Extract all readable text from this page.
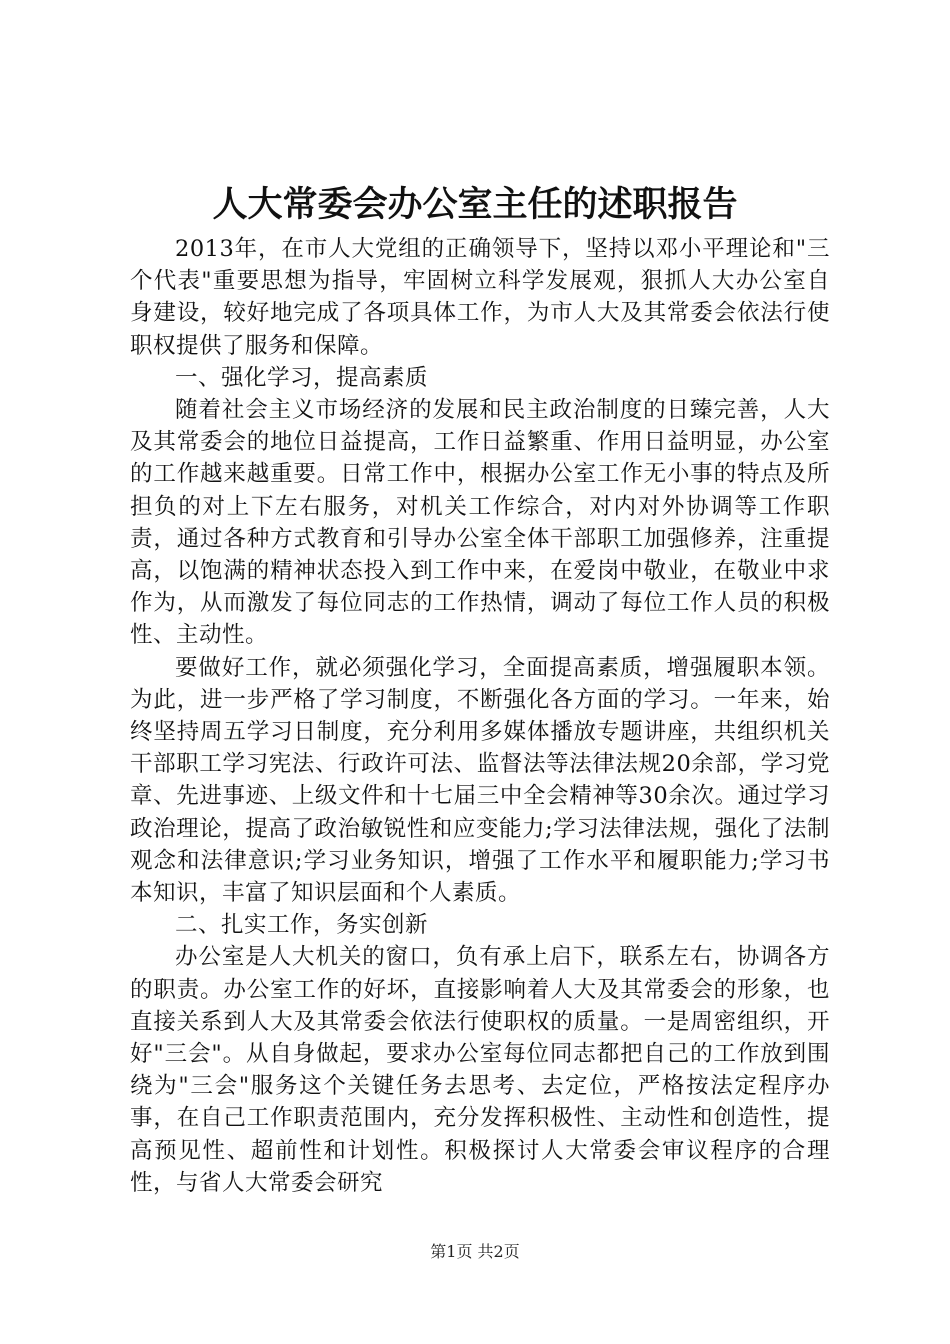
人大常委会办公室主任的述职报告

2013年，在市人大党组的正确领导下，坚持以邓小平理论和"三个代表"重要思想为指导，牢固树立科学发展观，狠抓人大办公室自身建设，较好地完成了各项具体工作，为市人大及其常委会依法行使职权提供了服务和保障。

一、强化学习，提高素质

随着社会主义市场经济的发展和民主政治制度的日臻完善，人大及其常委会的地位日益提高，工作日益繁重、作用日益明显，办公室的工作越来越重要。日常工作中，根据办公室工作无小事的特点及所担负的对上下左右服务，对机关工作综合，对内对外协调等工作职责，通过各种方式教育和引导办公室全体干部职工加强修养，注重提高，以饱满的精神状态投入到工作中来，在爱岗中敬业，在敬业中求作为，从而激发了每位同志的工作热情，调动了每位工作人员的积极性、主动性。

要做好工作，就必须强化学习，全面提高素质，增强履职本领。为此，进一步严格了学习制度，不断强化各方面的学习。一年来，始终坚持周五学习日制度，充分利用多媒体播放专题讲座，共组织机关干部职工学习宪法、行政许可法、监督法等法律法规20余部，学习党章、先进事迹、上级文件和十七届三中全会精神等30余次。通过学习政治理论，提高了政治敏锐性和应变能力;学习法律法规，强化了法制观念和法律意识;学习业务知识，增强了工作水平和履职能力;学习书本知识，丰富了知识层面和个人素质。

二、扎实工作，务实创新

办公室是人大机关的窗口，负有承上启下，联系左右，协调各方的职责。办公室工作的好坏，直接影响着人大及其常委会的形象，也直接关系到人大及其常委会依法行使职权的质量。一是周密组织，开好"三会"。从自身做起，要求办公室每位同志都把自己的工作放到围绕为"三会"服务这个关键任务去思考、去定位，严格按法定程序办事，在自己工作职责范围内，充分发挥积极性、主动性和创造性，提高预见性、超前性和计划性。积极探讨人大常委会审议程序的合理性，与省人大常委会研究

第1页 共2页
